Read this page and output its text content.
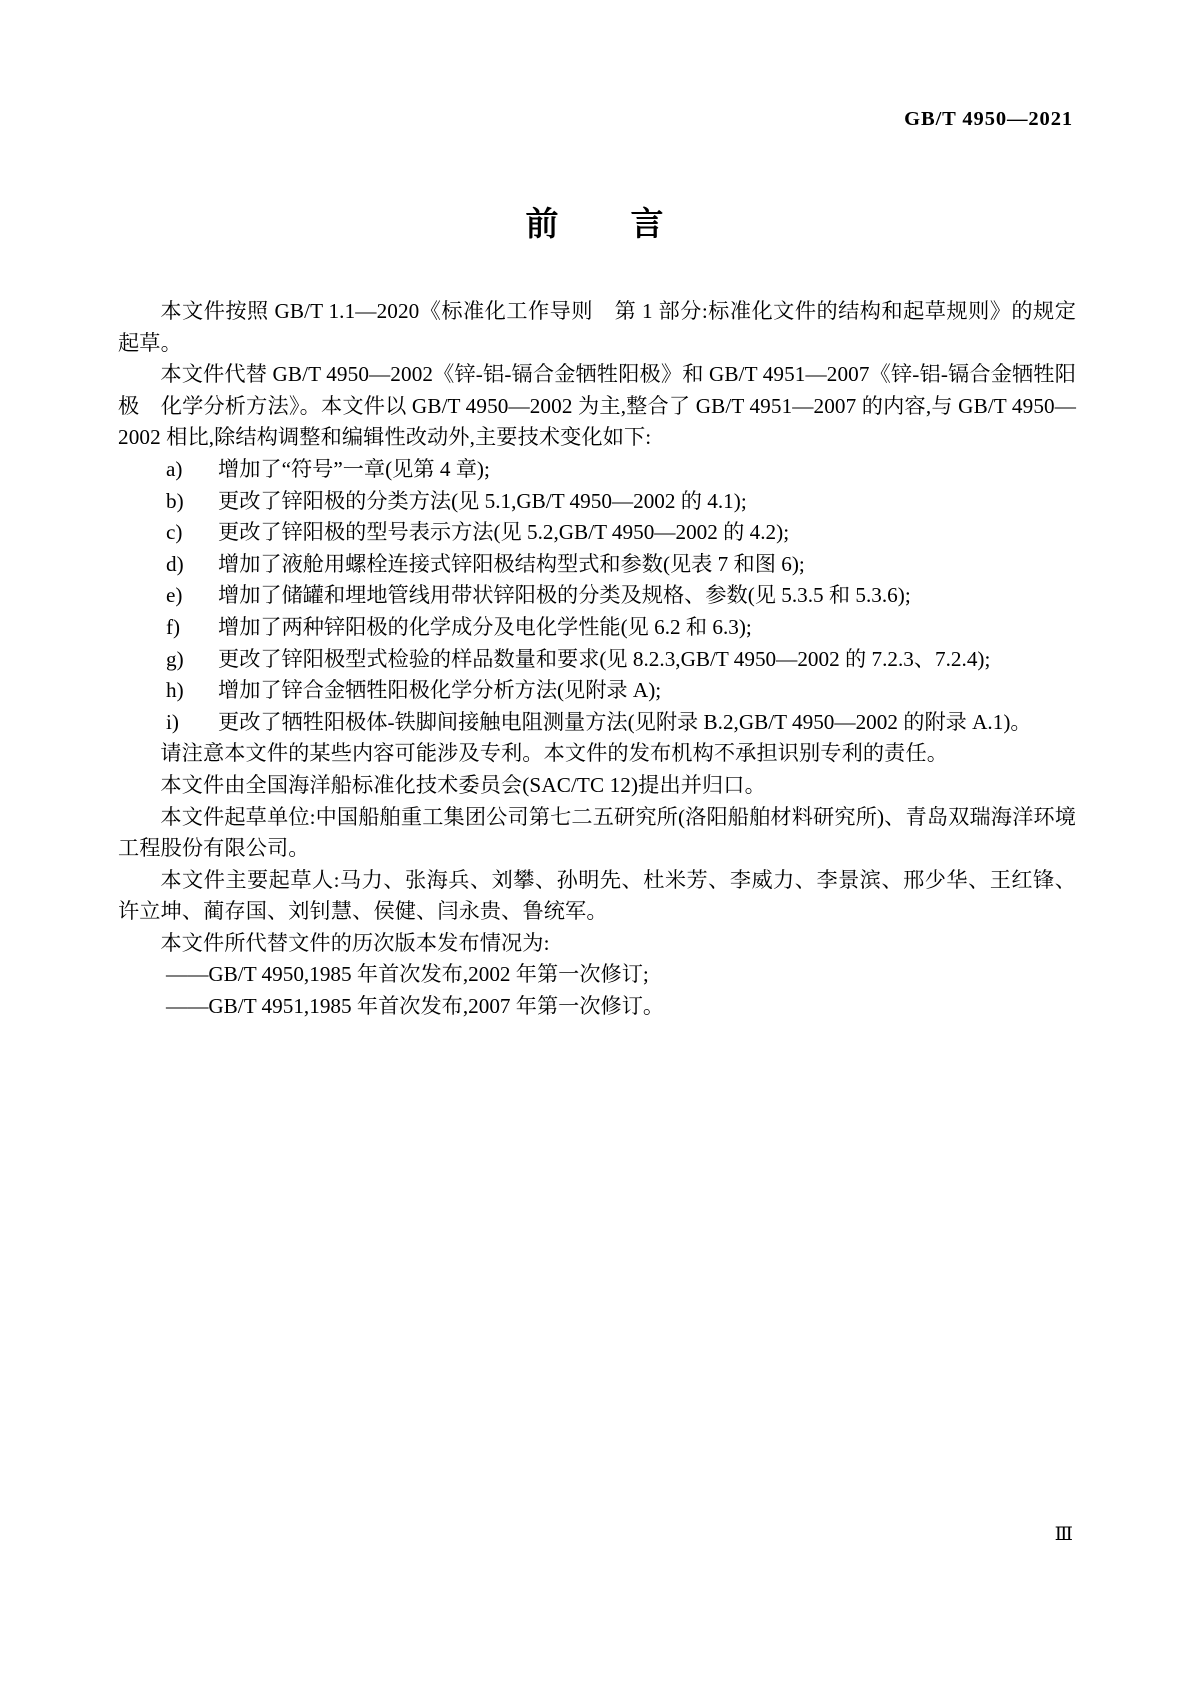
GB/T 4950—2021
前　　言

本文件按照 GB/T 1.1—2020《标准化工作导则　第 1 部分:标准化文件的结构和起草规则》的规定起草。

本文件代替 GB/T 4950—2002《锌-铝-镉合金牺牲阳极》和 GB/T 4951—2007《锌-铝-镉合金牺牲阳极　化学分析方法》。本文件以 GB/T 4950—2002 为主,整合了 GB/T 4951—2007 的内容,与 GB/T 4950—2002 相比,除结构调整和编辑性改动外,主要技术变化如下:

a)	增加了“符号”一章(见第 4 章);
b)	更改了锌阳极的分类方法(见 5.1,GB/T 4950—2002 的 4.1);
c)	更改了锌阳极的型号表示方法(见 5.2,GB/T 4950—2002 的 4.2);
d)	增加了液舱用螺栓连接式锌阳极结构型式和参数(见表 7 和图 6);
e)	增加了储罐和埋地管线用带状锌阳极的分类及规格、参数(见 5.3.5 和 5.3.6);
f)	增加了两种锌阳极的化学成分及电化学性能(见 6.2 和 6.3);
g)	更改了锌阳极型式检验的样品数量和要求(见 8.2.3,GB/T 4950—2002 的 7.2.3、7.2.4);
h)	增加了锌合金牺牲阳极化学分析方法(见附录 A);
i)	更改了牺牲阳极体-铁脚间接触电阻测量方法(见附录 B.2,GB/T 4950—2002 的附录 A.1)。

请注意本文件的某些内容可能涉及专利。本文件的发布机构不承担识别专利的责任。

本文件由全国海洋船标准化技术委员会(SAC/TC 12)提出并归口。

本文件起草单位:中国船舶重工集团公司第七二五研究所(洛阳船舶材料研究所)、青岛双瑞海洋环境工程股份有限公司。

本文件主要起草人:马力、张海兵、刘攀、孙明先、杜米芳、李威力、李景滨、邢少华、王红锋、许立坤、蔺存国、刘钊慧、侯健、闫永贵、鲁统军。

本文件所代替文件的历次版本发布情况为:

——GB/T 4950,1985 年首次发布,2002 年第一次修订;
——GB/T 4951,1985 年首次发布,2007 年第一次修订。
Ⅲ
